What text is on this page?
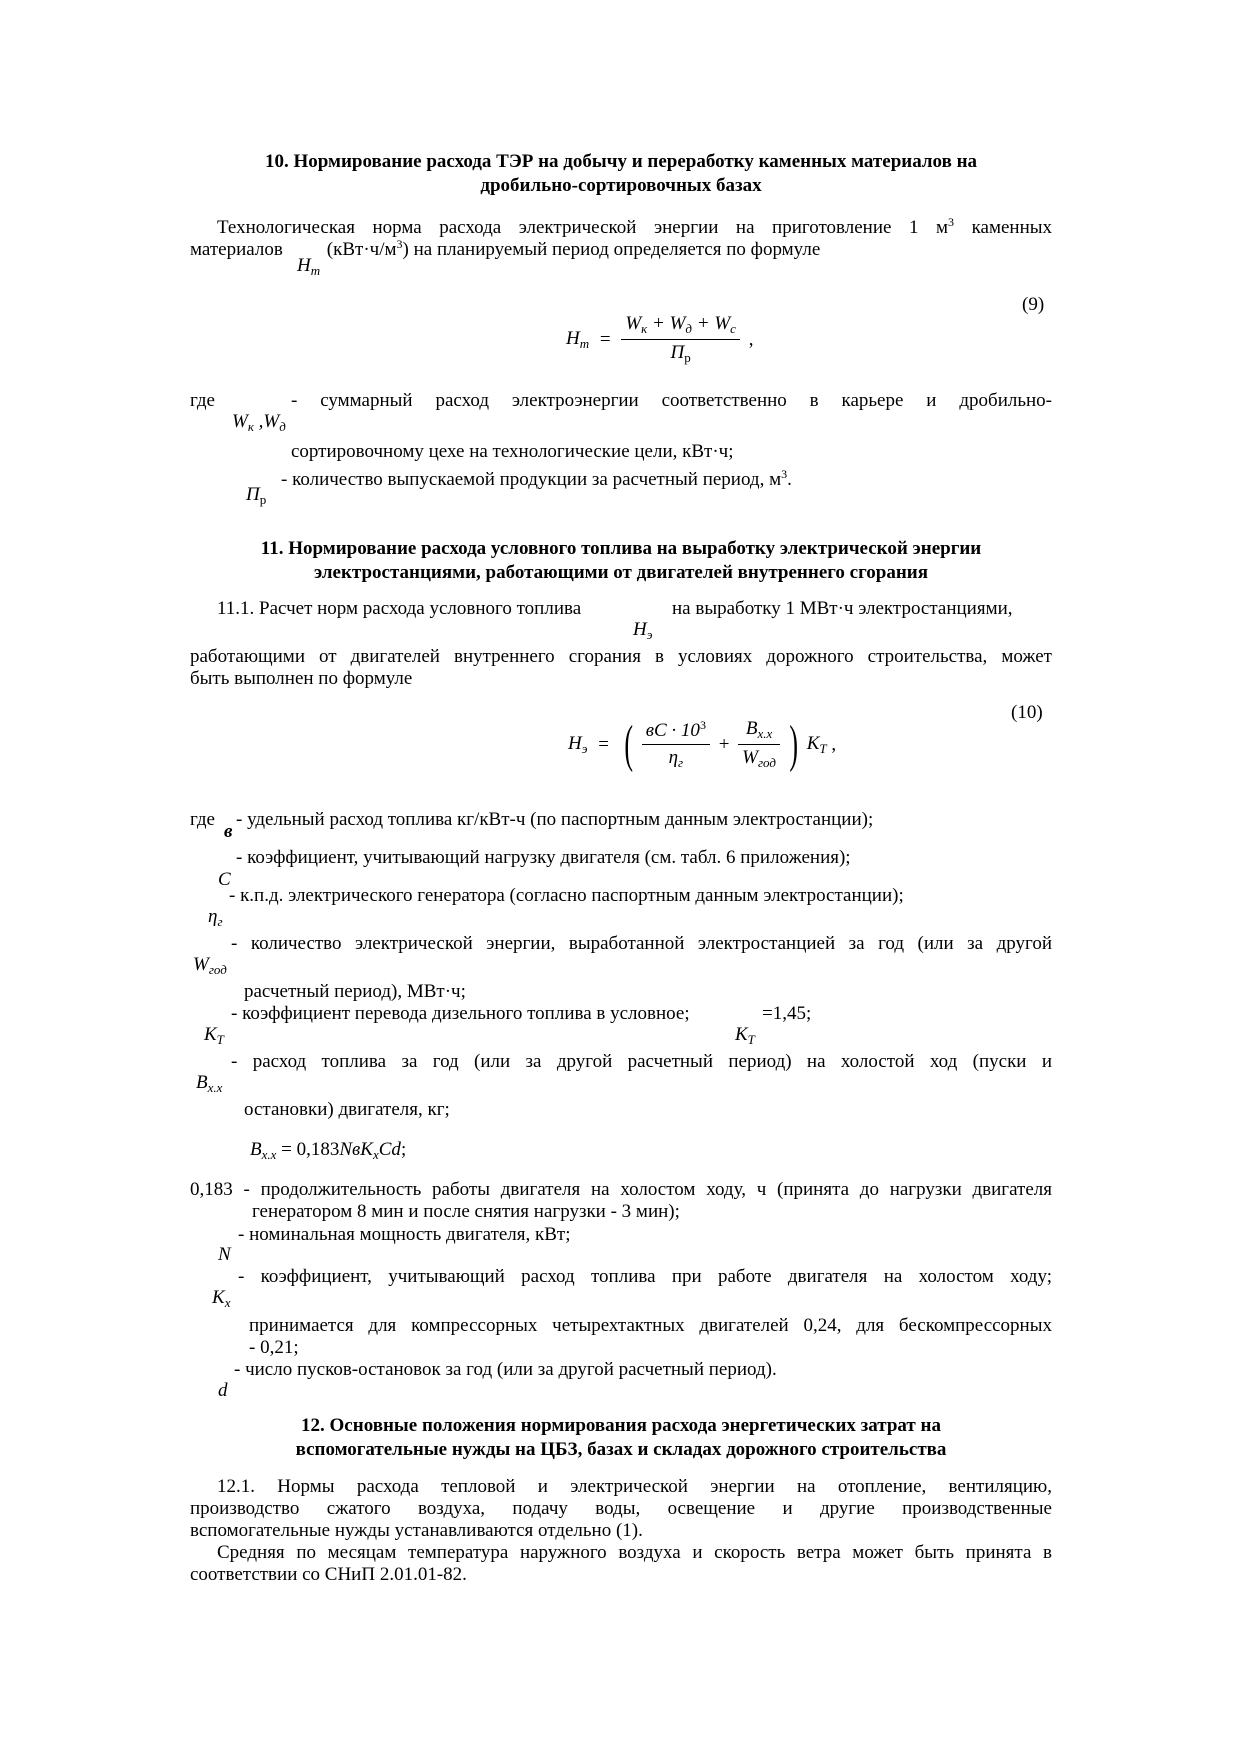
10. Нормирование расхода ТЭР на добычу и переработку каменных материалов на
дробильно-сортировочных базах
Технологическая норма расхода электрической энергии на приготовление 1 $м^3$ каменных
материалов $(кВт\cdot ч/м^3)$ на планируемый период определяется по формуле
$Н_т$
(9)
$Н_т = \frac{W_к + W_д + W_c}{П_р}$ ,
где	- суммарный расход электроэнергии соответственно в карьере и дробильно-
$W_к$ $,W_д$
сортировочному цехе на технологические цели, кВт·ч;
- количество выпускаемой продукции за расчетный период, $м^3$.
$П_р$
11. Нормирование расхода условного топлива на выработку электрической энергии
электростанциями, работающими от двигателей внутреннего сгорания
11.1. Расчет норм расхода условного топлива	на выработку 1 МВт·ч электростанциями,
$Н_э$
работающими от двигателей внутреннего сгорания в условиях дорожного строительства, может
быть выполнен по формуле
(10)
$Н_э$ = ( $\frac{вC \cdot 10^3}{\eta_г} + \frac{В_{х.х}}{W_{год}}$ ) $К_Т$ ,
где - удельный расход топлива кг/кВт-ч (по паспортным данным электростанции);
в
- коэффициент, учитывающий нагрузку двигателя (см. табл. 6 приложения);
C
- к.п.д. электрического генератора (согласно паспортным данным электростанции);
$\eta_г$
- количество электрической энергии, выработанной электростанцией за год (или за другой
$W_{год}$
расчетный период), МВт·ч;
- коэффициент перевода дизельного топлива в условное;	=1,45;
$К_Т$	$К_Т$
- расход топлива за год (или за другой расчетный период) на холостой ход (пуски и
$В_{х.х}$
остановки) двигателя, кг;
$В_{х.х} = 0,183NвK_xCd$;
0,183 - продолжительность работы двигателя на холостом ходу, ч (принята до нагрузки двигателя
генератором 8 мин и после снятия нагрузки - 3 мин);
- номинальная мощность двигателя, кВт;
N
- коэффициент, учитывающий расход топлива при работе двигателя на холостом ходу;
$K_x$
принимается для компрессорных четырехтактных двигателей 0,24, для бескомпрессорных
- 0,21;
- число пусков-остановок за год (или за другой расчетный период).
d
12. Основные положения нормирования расхода энергетических затрат на
вспомогательные нужды на ЦБЗ, базах и складах дорожного строительства
12.1. Нормы расхода тепловой и электрической энергии на отопление, вентиляцию,
производство сжатого воздуха, подачу воды, освещение и другие производственные
вспомогательные нужды устанавливаются отдельно (1).
Средняя по месяцам температура наружного воздуха и скорость ветра может быть принята в
соответствии со СНиП 2.01.01-82.
